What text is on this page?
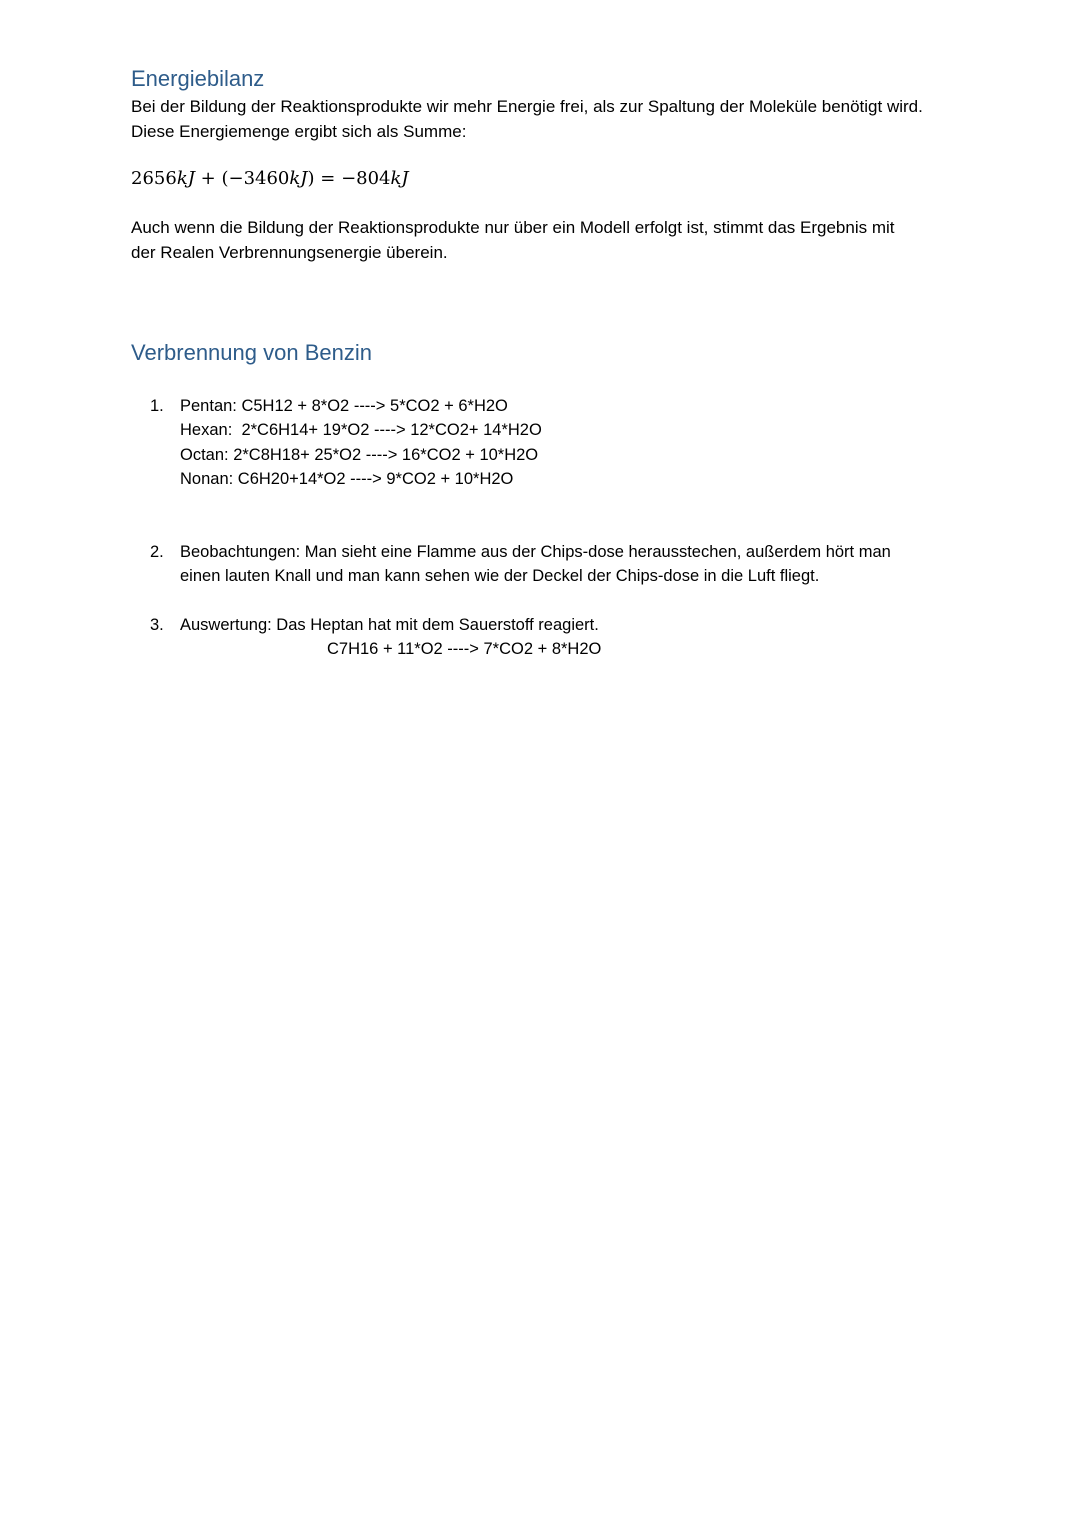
Energiebilanz

Bei der Bildung der Reaktionsprodukte wir mehr Energie frei, als zur Spaltung der Moleküle benötigt wird.
Diese Energiemenge ergibt sich als Summe:

2656kJ + (−3460kJ) = −804kJ

Auch wenn die Bildung der Reaktionsprodukte nur über ein Modell erfolgt ist, stimmt das Ergebnis mit
der Realen Verbrennungsenergie überein.

Verbrennung von Benzin
1. Pentan: C5H12 + 8*O2 ----> 5*CO2 + 6*H2O
Hexan:  2*C6H14+ 19*O2 ----> 12*CO2+ 14*H2O
Octan: 2*C8H18+ 25*O2 ----> 16*CO2 + 10*H2O
Nonan: C6H20+14*O2 ----> 9*CO2 + 10*H2O
2. Beobachtungen: Man sieht eine Flamme aus der Chips-dose herausstechen, außerdem hört man
einen lauten Knall und man kann sehen wie der Deckel der Chips-dose in die Luft fliegt.
3. Auswertung: Das Heptan hat mit dem Sauerstoff reagiert.
C7H16 + 11*O2 ----> 7*CO2 + 8*H2O
